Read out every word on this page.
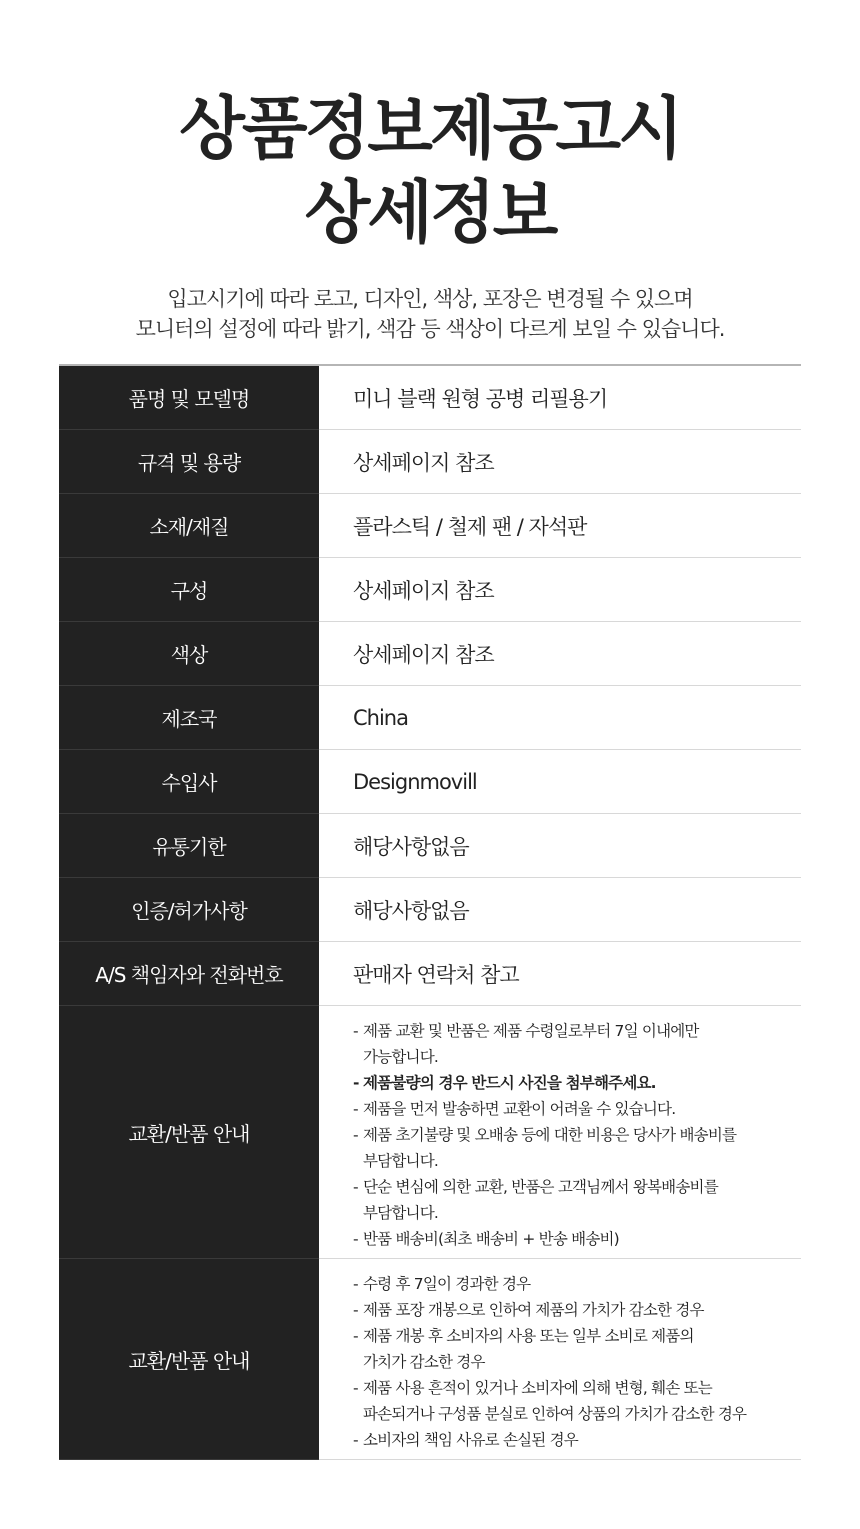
상품정보제공고시
상세정보
입고시기에 따라 로고, 디자인, 색상, 포장은 변경될 수 있으며
모니터의 설정에 따라 밝기, 색감 등 색상이 다르게 보일 수 있습니다.
품명 및 모델명	미니 블랙 원형 공병 리필용기
규격 및 용량	상세페이지 참조
소재/재질	플라스틱 / 철제 팬 / 자석판
구성	상세페이지 참조
색상	상세페이지 참조
제조국	China
수입사	Designmovill
유통기한	해당사항없음
인증/허가사항	해당사항없음
A/S 책임자와 전화번호	판매자 연락처 참고
교환/반품 안내
- 제품 교환 및 반품은 제품 수령일로부터 7일 이내에만
가능합니다.
- 제품불량의 경우 반드시 사진을 첨부해주세요.
- 제품을 먼저 발송하면 교환이 어려울 수 있습니다.
- 제품 초기불량 및 오배송 등에 대한 비용은 당사가 배송비를
부담합니다.
- 단순 변심에 의한 교환, 반품은 고객님께서 왕복배송비를
부담합니다.
- 반품 배송비(최초 배송비 + 반송 배송비)
교환/반품 안내
- 수령 후 7일이 경과한 경우
- 제품 포장 개봉으로 인하여 제품의 가치가 감소한 경우
- 제품 개봉 후 소비자의 사용 또는 일부 소비로 제품의
가치가 감소한 경우
- 제품 사용 흔적이 있거나 소비자에 의해 변형, 훼손 또는
파손되거나 구성품 분실로 인하여 상품의 가치가 감소한 경우
- 소비자의 책임 사유로 손실된 경우
